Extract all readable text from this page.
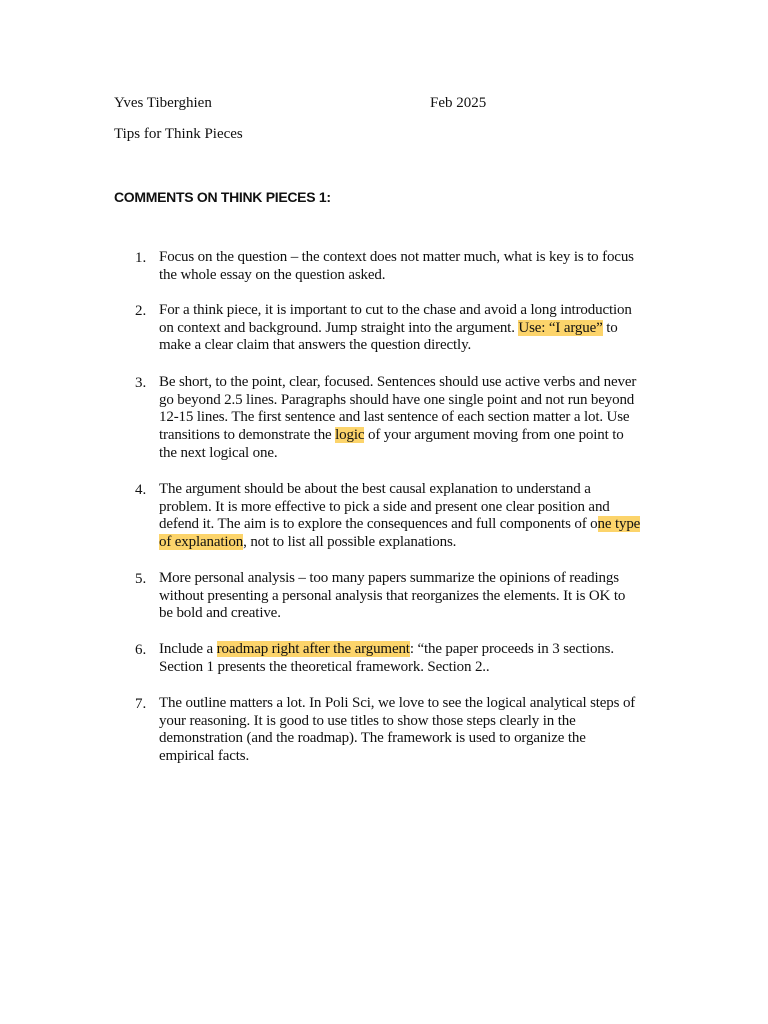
Yves Tiberghien	Feb 2025
Tips for Think Pieces
COMMENTS ON THINK PIECES 1:
1. Focus on the question – the context does not matter much, what is key is to focus
the whole essay on the question asked.
2. For a think piece, it is important to cut to the chase and avoid a long introduction
on context and background. Jump straight into the argument. Use: “I argue” to
make a clear claim that answers the question directly.
3. Be short, to the point, clear, focused. Sentences should use active verbs and never
go beyond 2.5 lines. Paragraphs should have one single point and not run beyond
12-15 lines. The first sentence and last sentence of each section matter a lot. Use
transitions to demonstrate the logic of your argument moving from one point to
the next logical one.
4. The argument should be about the best causal explanation to understand a
problem. It is more effective to pick a side and present one clear position and
defend it. The aim is to explore the consequences and full components of one type
of explanation, not to list all possible explanations.
5. More personal analysis – too many papers summarize the opinions of readings
without presenting a personal analysis that reorganizes the elements. It is OK to
be bold and creative.
6. Include a roadmap right after the argument: “the paper proceeds in 3 sections.
Section 1 presents the theoretical framework. Section 2..
7. The outline matters a lot. In Poli Sci, we love to see the logical analytical steps of
your reasoning. It is good to use titles to show those steps clearly in the
demonstration (and the roadmap). The framework is used to organize the
empirical facts.
